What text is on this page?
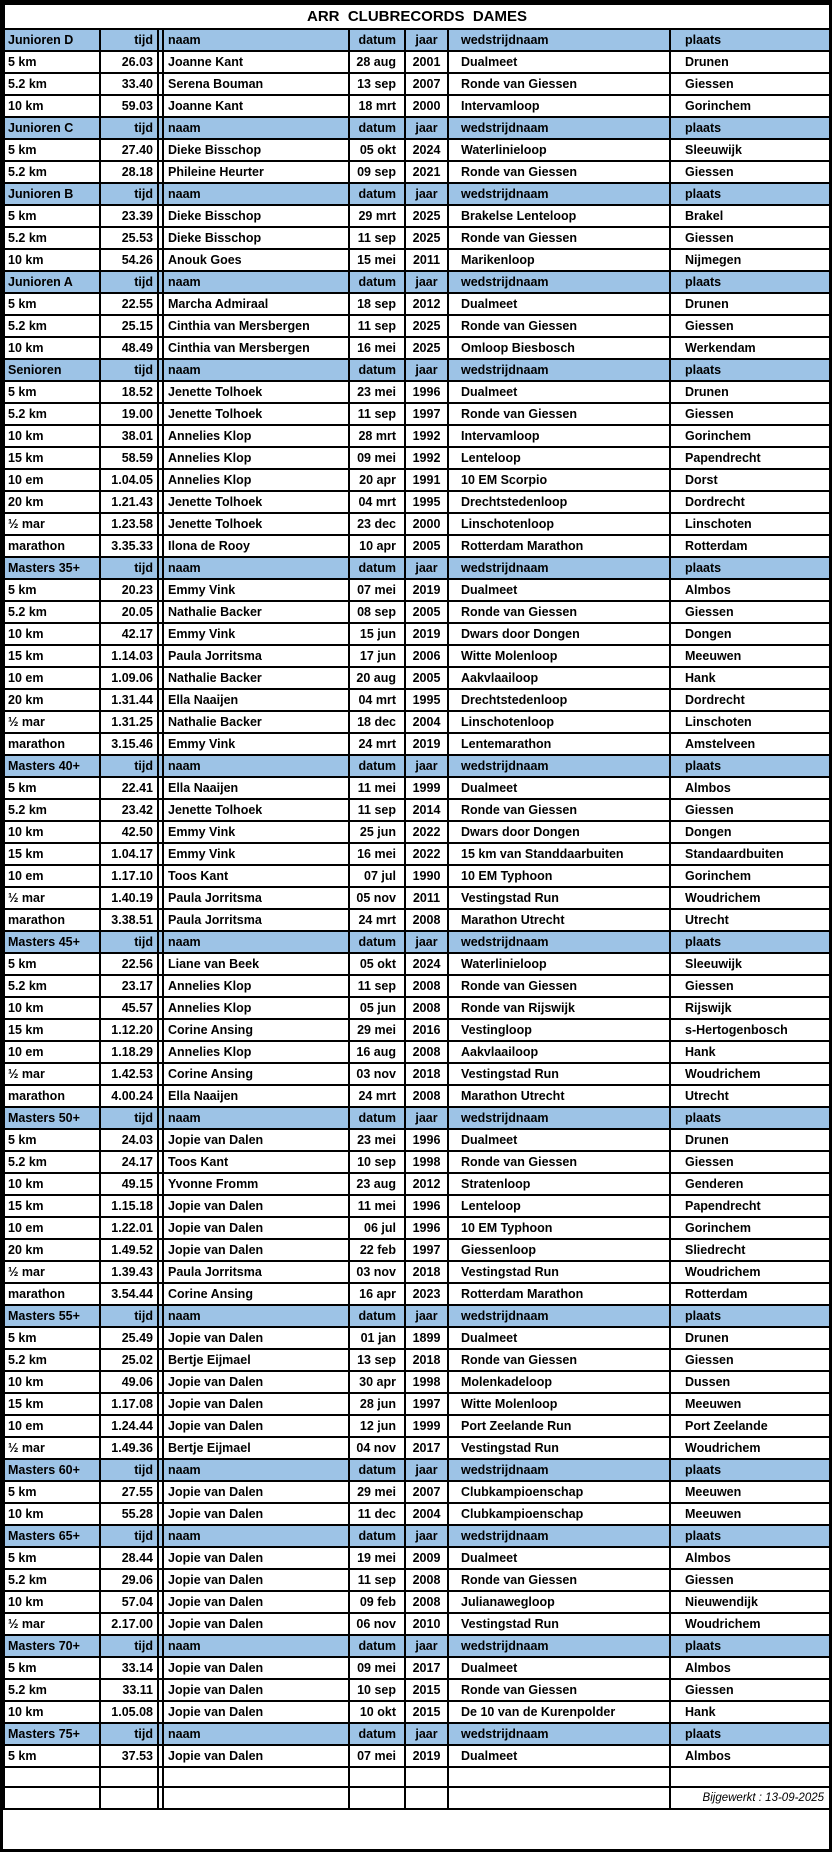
ARR  CLUBRECORDS  DAMES							
Junioren D	tijd		naam	datum	jaar	wedstrijdnaam	plaats
5 km	26.03		Joanne Kant	28 aug	2001	Dualmeet	Drunen
5.2 km	33.40		Serena Bouman	13 sep	2007	Ronde van Giessen	Giessen
10 km	59.03		Joanne Kant	18 mrt	2000	Intervamloop	Gorinchem
Junioren C	tijd		naam	datum	jaar	wedstrijdnaam	plaats
5 km	27.40		Dieke Bisschop	05 okt	2024	Waterlinieloop	Sleeuwijk
5.2 km	28.18		Phileine Heurter	09 sep	2021	Ronde van Giessen	Giessen
Junioren B	tijd		naam	datum	jaar	wedstrijdnaam	plaats
5 km	23.39		Dieke Bisschop	29 mrt	2025	Brakelse Lenteloop	Brakel
5.2 km	25.53		Dieke Bisschop	11 sep	2025	Ronde van Giessen	Giessen
10 km	54.26		Anouk Goes	15 mei	2011	Marikenloop	Nijmegen
Junioren A	tijd		naam	datum	jaar	wedstrijdnaam	plaats
5 km	22.55		Marcha Admiraal	18 sep	2012	Dualmeet	Drunen
5.2 km	25.15		Cinthia van Mersbergen	11 sep	2025	Ronde van Giessen	Giessen
10 km	48.49		Cinthia van Mersbergen	16 mei	2025	Omloop Biesbosch	Werkendam
Senioren	tijd		naam	datum	jaar	wedstrijdnaam	plaats
5 km	18.52		Jenette Tolhoek	23 mei	1996	Dualmeet	Drunen
5.2 km	19.00		Jenette Tolhoek	11 sep	1997	Ronde van Giessen	Giessen
10 km	38.01		Annelies Klop	28 mrt	1992	Intervamloop	Gorinchem
15 km	58.59		Annelies Klop	09 mei	1992	Lenteloop	Papendrecht
10 em	1.04.05		Annelies Klop	20 apr	1991	10 EM Scorpio	Dorst
20 km	1.21.43		Jenette Tolhoek	04 mrt	1995	Drechtstedenloop	Dordrecht
½ mar	1.23.58		Jenette Tolhoek	23 dec	2000	Linschotenloop	Linschoten
marathon	3.35.33		Ilona de Rooy	10 apr	2005	Rotterdam Marathon	Rotterdam
Masters 35+	tijd		naam	datum	jaar	wedstrijdnaam	plaats
5 km	20.23		Emmy Vink	07 mei	2019	Dualmeet	Almbos
5.2 km	20.05		Nathalie Backer	08 sep	2005	Ronde van Giessen	Giessen
10 km	42.17		Emmy Vink	15 jun	2019	Dwars door Dongen	Dongen
15 km	1.14.03		Paula Jorritsma	17 jun	2006	Witte Molenloop	Meeuwen
10 em	1.09.06		Nathalie Backer	20 aug	2005	Aakvlaailoop	Hank
20 km	1.31.44		Ella Naaijen	04 mrt	1995	Drechtstedenloop	Dordrecht
½ mar	1.31.25		Nathalie Backer	18 dec	2004	Linschotenloop	Linschoten
marathon	3.15.46		Emmy Vink	24 mrt	2019	Lentemarathon	Amstelveen
Masters 40+	tijd		naam	datum	jaar	wedstrijdnaam	plaats
5 km	22.41		Ella Naaijen	11 mei	1999	Dualmeet	Almbos
5.2 km	23.42		Jenette Tolhoek	11 sep	2014	Ronde van Giessen	Giessen
10 km	42.50		Emmy Vink	25 jun	2022	Dwars door Dongen	Dongen
15 km	1.04.17		Emmy Vink	16 mei	2022	15 km van Standdaarbuiten	Standaardbuiten
10 em	1.17.10		Toos Kant	07 jul	1990	10 EM Typhoon	Gorinchem
½ mar	1.40.19		Paula Jorritsma	05 nov	2011	Vestingstad Run	Woudrichem
marathon	3.38.51		Paula Jorritsma	24 mrt	2008	Marathon Utrecht	Utrecht
Masters 45+	tijd		naam	datum	jaar	wedstrijdnaam	plaats
5 km	22.56		Liane van Beek	05 okt	2024	Waterlinieloop	Sleeuwijk
5.2 km	23.17		Annelies Klop	11 sep	2008	Ronde van Giessen	Giessen
10 km	45.57		Annelies Klop	05 jun	2008	Ronde van Rijswijk	Rijswijk
15 km	1.12.20		Corine Ansing	29 mei	2016	Vestingloop	s-Hertogenbosch
10 em	1.18.29		Annelies Klop	16 aug	2008	Aakvlaailoop	Hank
½ mar	1.42.53		Corine Ansing	03 nov	2018	Vestingstad Run	Woudrichem
marathon	4.00.24		Ella Naaijen	24 mrt	2008	Marathon Utrecht	Utrecht
Masters 50+	tijd		naam	datum	jaar	wedstrijdnaam	plaats
5 km	24.03		Jopie van Dalen	23 mei	1996	Dualmeet	Drunen
5.2 km	24.17		Toos Kant	10 sep	1998	Ronde van Giessen	Giessen
10 km	49.15		Yvonne Fromm	23 aug	2012	Stratenloop	Genderen
15 km	1.15.18		Jopie van Dalen	11 mei	1996	Lenteloop	Papendrecht
10 em	1.22.01		Jopie van Dalen	06 jul	1996	10 EM Typhoon	Gorinchem
20 km	1.49.52		Jopie van Dalen	22 feb	1997	Giessenloop	Sliedrecht
½ mar	1.39.43		Paula Jorritsma	03 nov	2018	Vestingstad Run	Woudrichem
marathon	3.54.44		Corine Ansing	16 apr	2023	Rotterdam Marathon	Rotterdam
Masters 55+	tijd		naam	datum	jaar	wedstrijdnaam	plaats
5 km	25.49		Jopie van Dalen	01 jan	1899	Dualmeet	Drunen
5.2 km	25.02		Bertje Eijmael	13 sep	2018	Ronde van Giessen	Giessen
10 km	49.06		Jopie van Dalen	30 apr	1998	Molenkadeloop	Dussen
15 km	1.17.08		Jopie van Dalen	28 jun	1997	Witte Molenloop	Meeuwen
10 em	1.24.44		Jopie van Dalen	12 jun	1999	Port Zeelande Run	Port Zeelande
½ mar	1.49.36		Bertje Eijmael	04 nov	2017	Vestingstad Run	Woudrichem
Masters 60+	tijd		naam	datum	jaar	wedstrijdnaam	plaats
5 km	27.55		Jopie van Dalen	29 mei	2007	Clubkampioenschap	Meeuwen
10 km	55.28		Jopie van Dalen	11 dec	2004	Clubkampioenschap	Meeuwen
Masters 65+	tijd		naam	datum	jaar	wedstrijdnaam	plaats
5 km	28.44		Jopie van Dalen	19 mei	2009	Dualmeet	Almbos
5.2 km	29.06		Jopie van Dalen	11 sep	2008	Ronde van Giessen	Giessen
10 km	57.04		Jopie van Dalen	09 feb	2008	Julianawegloop	Nieuwendijk
½ mar	2.17.00		Jopie van Dalen	06 nov	2010	Vestingstad Run	Woudrichem
Masters 70+	tijd		naam	datum	jaar	wedstrijdnaam	plaats
5 km	33.14		Jopie van Dalen	09 mei	2017	Dualmeet	Almbos
5.2 km	33.11		Jopie van Dalen	10 sep	2015	Ronde van Giessen	Giessen
10 km	1.05.08		Jopie van Dalen	10 okt	2015	De 10 van de Kurenpolder	Hank
Masters 75+	tijd		naam	datum	jaar	wedstrijdnaam	plaats
5 km	37.53		Jopie van Dalen	07 mei	2019	Dualmeet	Almbos

							Bijgewerkt : 13-09-2025
